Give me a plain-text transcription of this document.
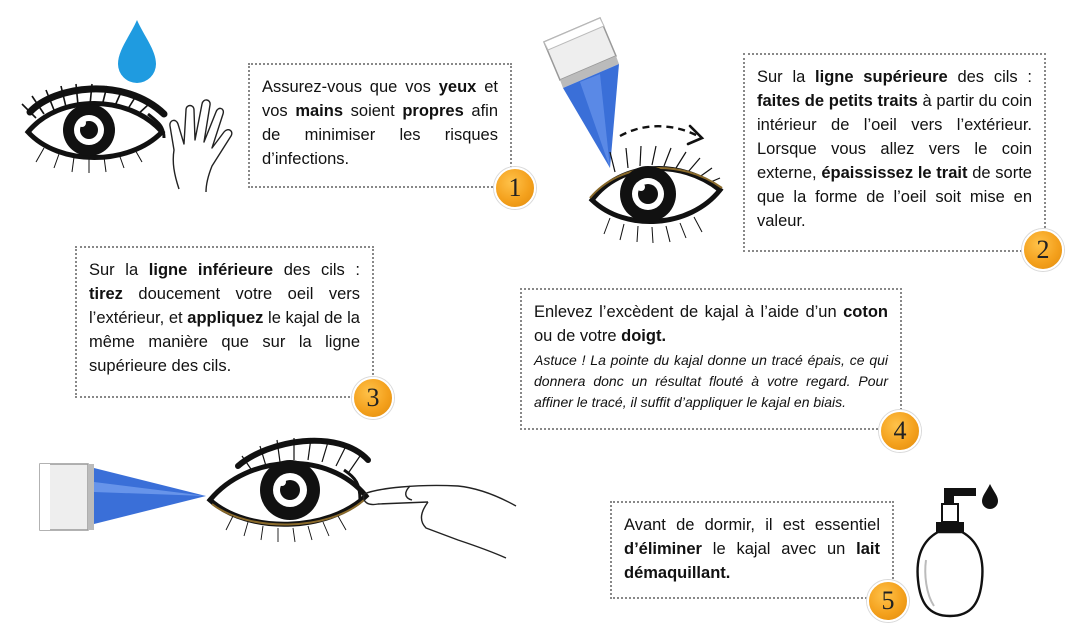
Assurez-vous que vos yeux et vos mains soient propres afin de minimiser les risques d’infections.
1
Sur la ligne supérieure des cils : faites de petits traits à partir du coin intérieur de l’oeil vers l’extérieur. Lorsque vous allez vers le coin externe, épaississez le trait de sorte que la forme de l’oeil soit mise en valeur.
2
Sur la ligne inférieure des cils : tirez doucement votre oeil vers l’extérieur, et appliquez le kajal de la même manière que sur la ligne supérieure des cils.
3
Enlevez l’excèdent de kajal à l’aide d’un coton ou de votre doigt.
Astuce ! La pointe du kajal donne un tracé épais, ce qui donnera donc un résultat flouté à votre regard. Pour affiner le tracé, il suffit d’appliquer le kajal en biais.
4
Avant de dormir, il est essentiel d’éliminer le kajal avec un lait démaquillant.
5
